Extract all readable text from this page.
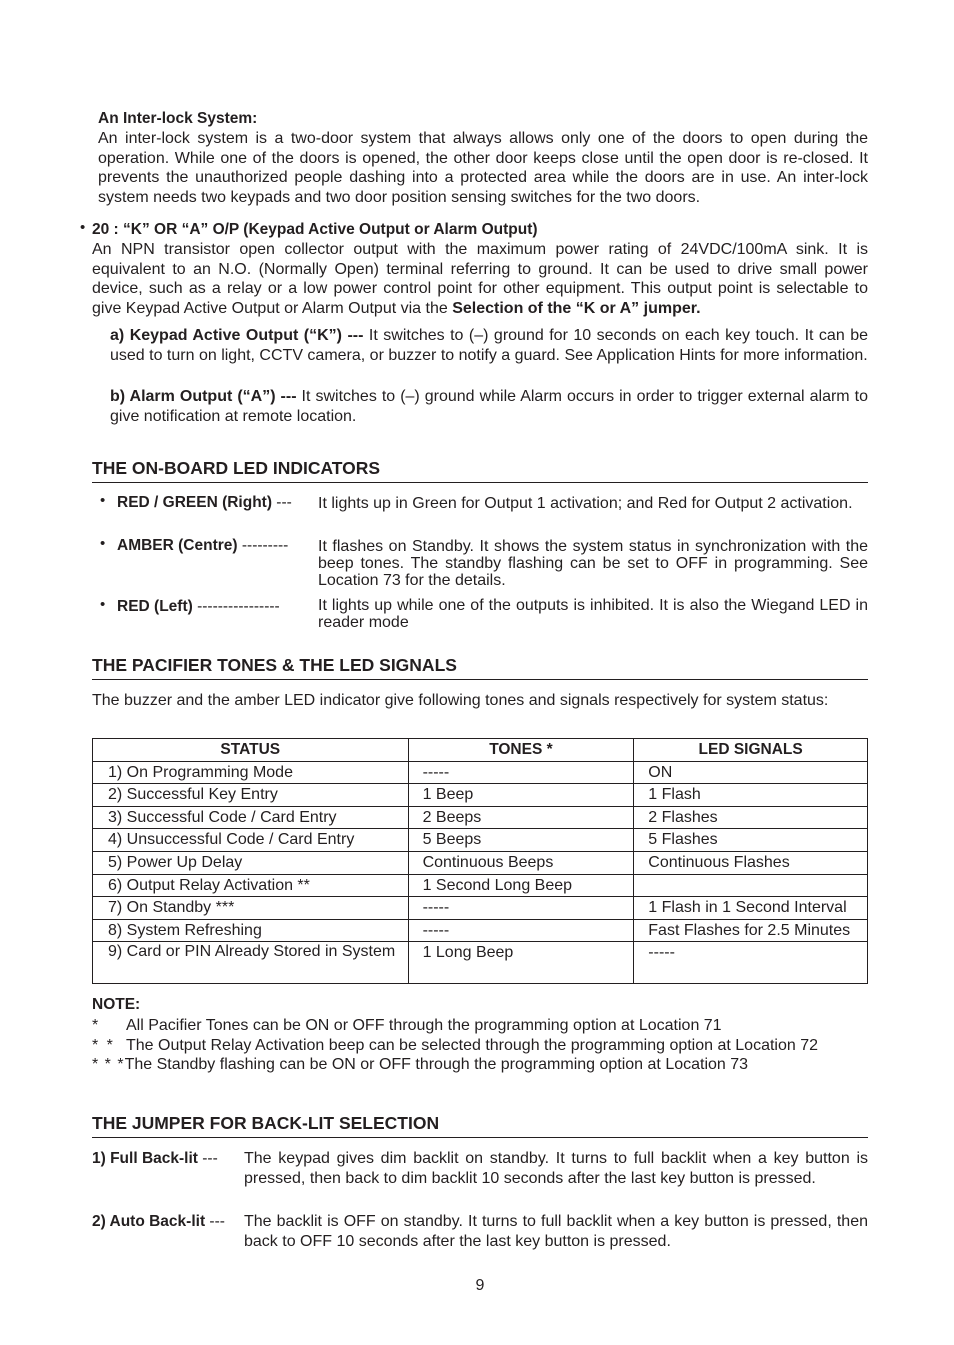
An Inter-lock System:
An inter-lock system is a two-door system that always allows only one of the doors to open during the operation. While one of the doors is opened, the other door keeps close until the open door is re-closed. It prevents the unauthorized people dashing into a protected area while the doors are in use. An inter-lock system needs two keypads and two door position sensing switches for the two doors.
• 20 : “K” OR “A” O/P (Keypad Active Output or Alarm Output)
An NPN transistor open collector output with the maximum power rating of 24VDC/100mA sink. It is equivalent to an N.O. (Normally Open) terminal referring to ground. It can be used to drive small power device, such as a relay or a low power control point for other equipment. This output point is selectable to give Keypad Active Output or Alarm Output via the Selection of the “K or A” jumper.
a) Keypad Active Output (“K”) --- It switches to (–) ground for 10 seconds on each key touch. It can be used to turn on light, CCTV camera, or buzzer to notify a guard. See Application Hints for more information.
b) Alarm Output (“A”) --- It switches to (–) ground while Alarm occurs in order to trigger external alarm to give notification at remote location.
THE ON-BOARD LED INDICATORS
• RED / GREEN (Right) --- It lights up in Green for Output 1 activation; and Red for Output 2 activation.
• AMBER (Centre) --------- It flashes on Standby. It shows the system status in synchronization with the beep tones. The standby flashing can be set to OFF in programming. See Location 73 for the details.
• RED (Left) ---------------- It lights up while one of the outputs is inhibited. It is also the Wiegand LED in reader mode
THE PACIFIER TONES & THE LED SIGNALS
The buzzer and the amber LED indicator give following tones and signals respectively for system status:
STATUS	TONES *	LED SIGNALS
1) On Programming Mode	-----	ON
2) Successful Key Entry	1 Beep	1 Flash
3) Successful Code / Card Entry	2 Beeps	2 Flashes
4) Unsuccessful Code / Card Entry	5 Beeps	5 Flashes
5) Power Up Delay	Continuous Beeps	Continuous Flashes
6) Output Relay Activation **	1 Second Long Beep	
7) On Standby ***	-----	1 Flash in 1 Second Interval
8) System Refreshing	-----	Fast Flashes for 2.5 Minutes
9) Card or PIN Already Stored in System	1 Long Beep	-----
NOTE:
* All Pacifier Tones can be ON or OFF through the programming option at Location 71
* * The Output Relay Activation beep can be selected through the programming option at Location 72
* * *The Standby flashing can be ON or OFF through the programming option at Location 73
THE JUMPER FOR BACK-LIT SELECTION
1) Full Back-lit --- The keypad gives dim backlit on standby. It turns to full backlit when a key button is pressed, then back to dim backlit 10 seconds after the last key button is pressed.
2) Auto Back-lit --- The backlit is OFF on standby. It turns to full backlit when a key button is pressed, then back to OFF 10 seconds after the last key button is pressed.
9
